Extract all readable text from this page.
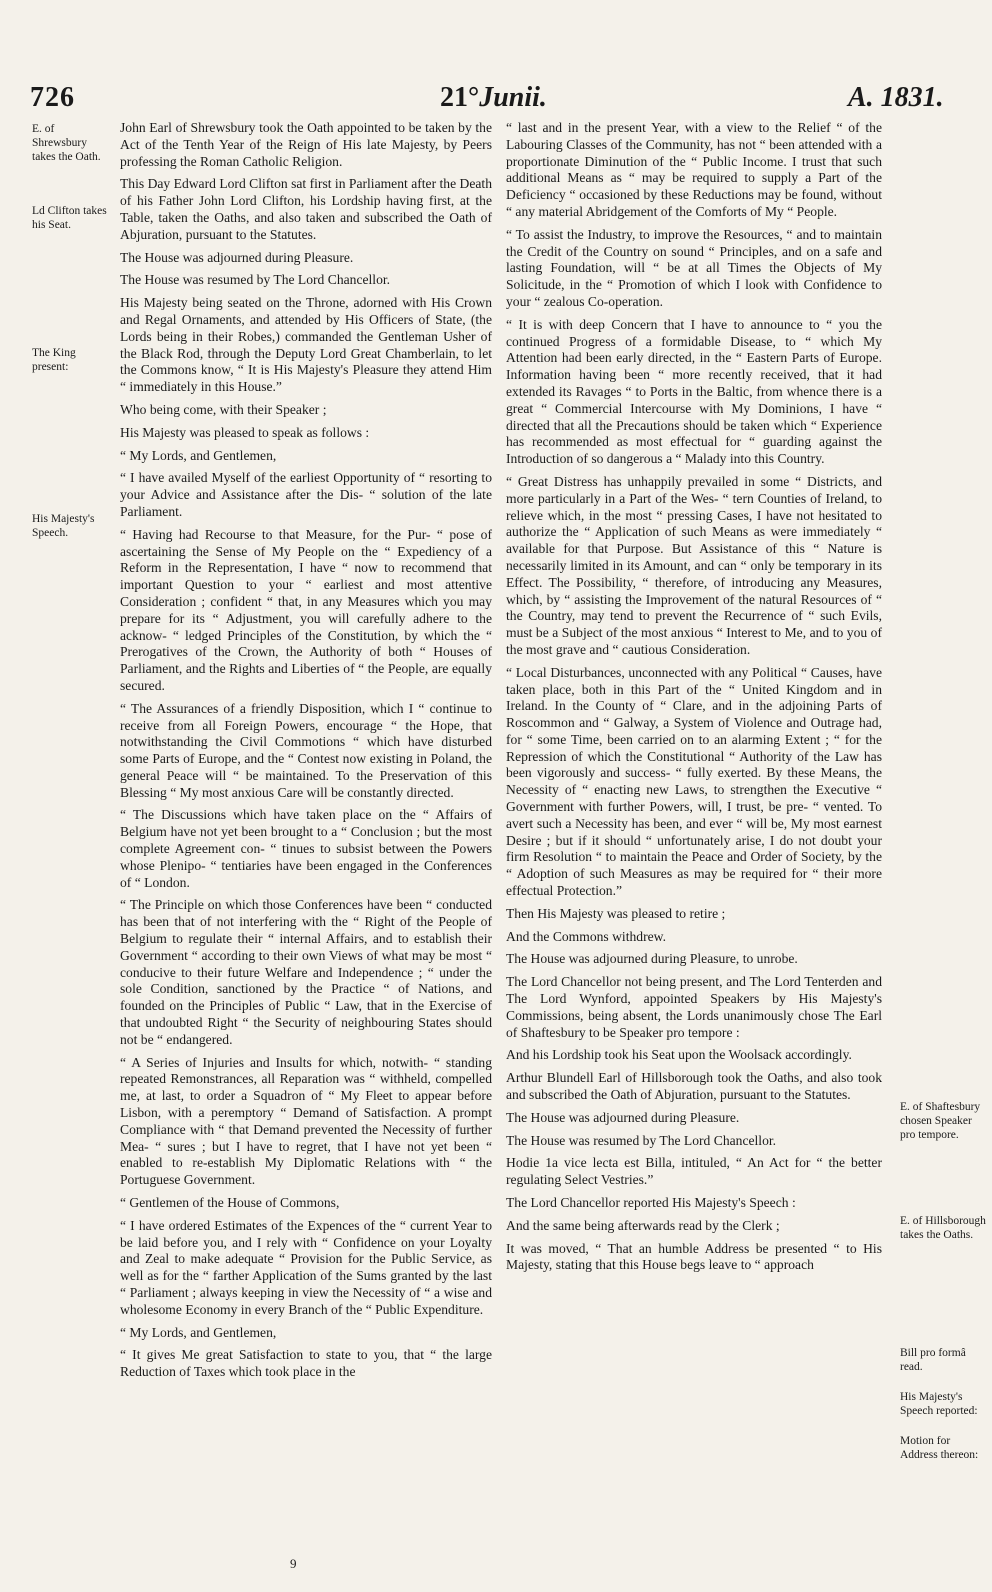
726	21°Junii.	A. 1831.
E. of Shrewsbury takes the Oath.
Ld Clifton takes his Seat.
The King present:
His Majesty's Speech.
E. of Shaftesbury chosen Speaker pro tempore.
E. of Hillsborough takes the Oaths.
Bill pro formâ read.
His Majesty's Speech reported:
Motion for Address thereon:

John Earl of Shrewsbury took the Oath appointed to be taken by the Act of the Tenth Year of the Reign of His late Majesty, by Peers professing the Roman Catholic Religion.

This Day Edward Lord Clifton sat first in Parliament after the Death of his Father John Lord Clifton, his Lordship having first, at the Table, taken the Oaths, and also taken and subscribed the Oath of Abjuration, pursuant to the Statutes.

The House was adjourned during Pleasure.

The House was resumed by The Lord Chancellor.

His Majesty being seated on the Throne, adorned with His Crown and Regal Ornaments, and attended by His Officers of State, (the Lords being in their Robes,) commanded the Gentleman Usher of the Black Rod, through the Deputy Lord Great Chamberlain, to let the Commons know, “ It is His Majesty's Pleasure they attend Him “ immediately in this House.”

Who being come, with their Speaker ;

His Majesty was pleased to speak as follows :

“ My Lords, and Gentlemen,

“ I have availed Myself of the earliest Opportunity of “ resorting to your Advice and Assistance after the Dis- “ solution of the late Parliament.

“ Having had Recourse to that Measure, for the Pur- “ pose of ascertaining the Sense of My People on the “ Expediency of a Reform in the Representation, I have “ now to recommend that important Question to your “ earliest and most attentive Consideration ; confident “ that, in any Measures which you may prepare for its “ Adjustment, you will carefully adhere to the acknow- “ ledged Principles of the Constitution, by which the “ Prerogatives of the Crown, the Authority of both “ Houses of Parliament, and the Rights and Liberties of “ the People, are equally secured.

“ The Assurances of a friendly Disposition, which I “ continue to receive from all Foreign Powers, encourage “ the Hope, that notwithstanding the Civil Commotions “ which have disturbed some Parts of Europe, and the “ Contest now existing in Poland, the general Peace will “ be maintained. To the Preservation of this Blessing “ My most anxious Care will be constantly directed.

“ The Discussions which have taken place on the “ Affairs of Belgium have not yet been brought to a “ Conclusion ; but the most complete Agreement con- “ tinues to subsist between the Powers whose Plenipo- “ tentiaries have been engaged in the Conferences of “ London.

“ The Principle on which those Conferences have been “ conducted has been that of not interfering with the “ Right of the People of Belgium to regulate their “ internal Affairs, and to establish their Government “ according to their own Views of what may be most “ conducive to their future Welfare and Independence ; “ under the sole Condition, sanctioned by the Practice “ of Nations, and founded on the Principles of Public “ Law, that in the Exercise of that undoubted Right “ the Security of neighbouring States should not be “ endangered.

“ A Series of Injuries and Insults for which, notwith- “ standing repeated Remonstrances, all Reparation was “ withheld, compelled me, at last, to order a Squadron of “ My Fleet to appear before Lisbon, with a peremptory “ Demand of Satisfaction. A prompt Compliance with “ that Demand prevented the Necessity of further Mea- “ sures ; but I have to regret, that I have not yet been “ enabled to re-establish My Diplomatic Relations with “ the Portuguese Government.

“ Gentlemen of the House of Commons,

“ I have ordered Estimates of the Expences of the “ current Year to be laid before you, and I rely with “ Confidence on your Loyalty and Zeal to make adequate “ Provision for the Public Service, as well as for the “ farther Application of the Sums granted by the last “ Parliament ; always keeping in view the Necessity of “ a wise and wholesome Economy in every Branch of the “ Public Expenditure.

“ My Lords, and Gentlemen,

“ It gives Me great Satisfaction to state to you, that “ the large Reduction of Taxes which took place in the

“ last and in the present Year, with a view to the Relief “ of the Labouring Classes of the Community, has not “ been attended with a proportionate Diminution of the “ Public Income. I trust that such additional Means as “ may be required to supply a Part of the Deficiency “ occasioned by these Reductions may be found, without “ any material Abridgement of the Comforts of My “ People.

“ To assist the Industry, to improve the Resources, “ and to maintain the Credit of the Country on sound “ Principles, and on a safe and lasting Foundation, will “ be at all Times the Objects of My Solicitude, in the “ Promotion of which I look with Confidence to your “ zealous Co-operation.

“ It is with deep Concern that I have to announce to “ you the continued Progress of a formidable Disease, to “ which My Attention had been early directed, in the “ Eastern Parts of Europe. Information having been “ more recently received, that it had extended its Ravages “ to Ports in the Baltic, from whence there is a great “ Commercial Intercourse with My Dominions, I have “ directed that all the Precautions should be taken which “ Experience has recommended as most effectual for “ guarding against the Introduction of so dangerous a “ Malady into this Country.

“ Great Distress has unhappily prevailed in some “ Districts, and more particularly in a Part of the Wes- “ tern Counties of Ireland, to relieve which, in the most “ pressing Cases, I have not hesitated to authorize the “ Application of such Means as were immediately “ available for that Purpose. But Assistance of this “ Nature is necessarily limited in its Amount, and can “ only be temporary in its Effect. The Possibility, “ therefore, of introducing any Measures, which, by “ assisting the Improvement of the natural Resources of “ the Country, may tend to prevent the Recurrence of “ such Evils, must be a Subject of the most anxious “ Interest to Me, and to you of the most grave and “ cautious Consideration.

“ Local Disturbances, unconnected with any Political “ Causes, have taken place, both in this Part of the “ United Kingdom and in Ireland. In the County of “ Clare, and in the adjoining Parts of Roscommon and “ Galway, a System of Violence and Outrage had, for “ some Time, been carried on to an alarming Extent ; “ for the Repression of which the Constitutional “ Authority of the Law has been vigorously and success- “ fully exerted. By these Means, the Necessity of “ enacting new Laws, to strengthen the Executive “ Government with further Powers, will, I trust, be pre- “ vented. To avert such a Necessity has been, and ever “ will be, My most earnest Desire ; but if it should “ unfortunately arise, I do not doubt your firm Resolution “ to maintain the Peace and Order of Society, by the “ Adoption of such Measures as may be required for “ their more effectual Protection.”

Then His Majesty was pleased to retire ;

And the Commons withdrew.

The House was adjourned during Pleasure, to unrobe.

The Lord Chancellor not being present, and The Lord Tenterden and The Lord Wynford, appointed Speakers by His Majesty's Commissions, being absent, the Lords unanimously chose The Earl of Shaftesbury to be Speaker pro tempore :

And his Lordship took his Seat upon the Woolsack accordingly.

Arthur Blundell Earl of Hillsborough took the Oaths, and also took and subscribed the Oath of Abjuration, pursuant to the Statutes.

The House was adjourned during Pleasure.

The House was resumed by The Lord Chancellor.

Hodie 1a vice lecta est Billa, intituled, “ An Act for “ the better regulating Select Vestries.”

The Lord Chancellor reported His Majesty's Speech :

And the same being afterwards read by the Clerk ;

It was moved, “ That an humble Address be presented “ to His Majesty, stating that this House begs leave to “ approach

9
